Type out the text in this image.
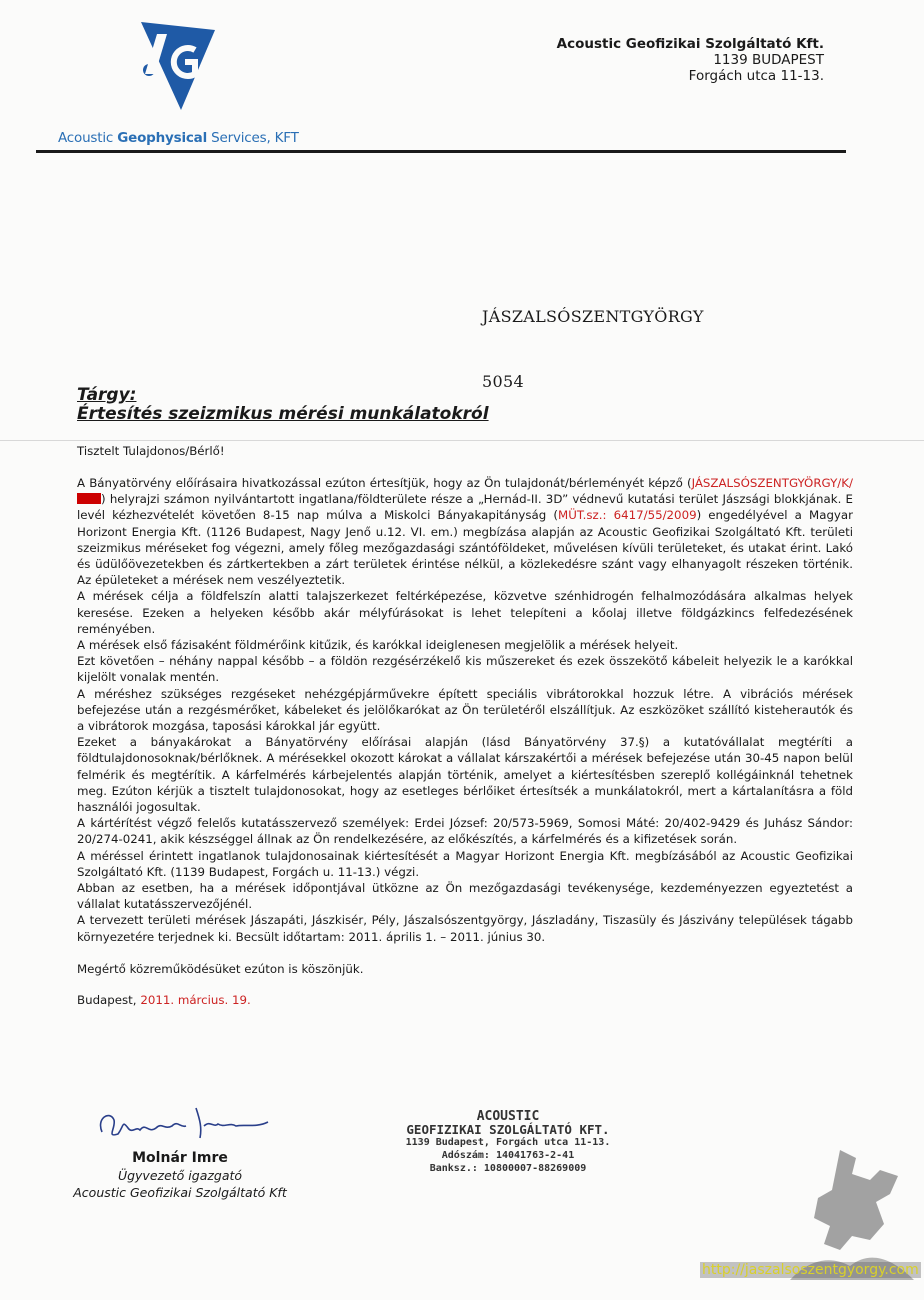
Acoustic Geophysical Services, KFT
Acoustic Geofizikai Szolgáltató Kft.
1139 BUDAPEST
Forgách utca 11-13.
JÁSZALSÓSZENTGYÖRGY
5054
Tárgy:
Értesítés szeizmikus mérési munkálatokról
Tisztelt Tulajdonos/Bérlő!

A Bányatörvény előírásaira hivatkozással ezúton értesítjük, hogy az Ön tulajdonát/bérleményét képző (JÁSZALSÓSZENTGYÖRGY/K/) helyrajzi számon nyilvántartott ingatlana/földterülete része a „Hernád-II. 3D” védnevű kutatási terület Jászsági blokkjának. E levél kézhezvételét követően 8-15 nap múlva a Miskolci Bányakapitányság (MÜT.sz.: 6417/55/2009) engedélyével a Magyar Horizont Energia Kft. (1126 Budapest, Nagy Jenő u.12. VI. em.) megbízása alapján az Acoustic Geofizikai Szolgáltató Kft. területi szeizmikus méréseket fog végezni, amely főleg mezőgazdasági szántóföldeket, művelésen kívüli területeket, és utakat érint. Lakó és üdülőövezetekben és zártkertekben a zárt területek érintése nélkül, a közlekedésre szánt vagy elhanyagolt részeken történik. Az épületeket a mérések nem veszélyeztetik.

A mérések célja a földfelszín alatti talajszerkezet feltérképezése, közvetve szénhidrogén felhalmozódására alkalmas helyek keresése. Ezeken a helyeken később akár mélyfúrásokat is lehet telepíteni a kőolaj illetve földgázkincs felfedezésének reményében.

A mérések első fázisaként földmérőink kitűzik, és karókkal ideiglenesen megjelölik a mérések helyeit.

Ezt követően – néhány nappal később – a földön rezgésérzékelő kis műszereket és ezek összekötő kábeleit helyezik le a karókkal kijelölt vonalak mentén.

A méréshez szükséges rezgéseket nehézgépjárművekre épített speciális vibrátorokkal hozzuk létre. A vibrációs mérések befejezése után a rezgésmérőket, kábeleket és jelölőkarókat az Ön területéről elszállítjuk. Az eszközöket szállító kisteherautók és a vibrátorok mozgása, taposási károkkal jár együtt.

Ezeket a bányakárokat a Bányatörvény előírásai alapján (lásd Bányatörvény 37.§) a kutatóvállalat megtéríti a földtulajdonosoknak/bérlőknek. A mérésekkel okozott károkat a vállalat kárszakértői a mérések befejezése után 30-45 napon belül felmérik és megtérítik. A kárfelmérés kárbejelentés alapján történik, amelyet a kiértesítésben szereplő kollégáinknál tehetnek meg. Ezúton kérjük a tisztelt tulajdonosokat, hogy az esetleges bérlőiket értesítsék a munkálatokról, mert a kártalanításra a föld használói jogosultak.

A kártérítést végző felelős kutatásszervező személyek: Erdei József: 20/573-5969, Somosi Máté: 20/402-9429 és Juhász Sándor: 20/274-0241, akik készséggel állnak az Ön rendelkezésére, az előkészítés, a kárfelmérés és a kifizetések során.

A méréssel érintett ingatlanok tulajdonosainak kiértesítését a Magyar Horizont Energia Kft. megbízásából az Acoustic Geofizikai Szolgáltató Kft. (1139 Budapest, Forgách u. 11-13.) végzi.

Abban az esetben, ha a mérések időpontjával ütközne az Ön mezőgazdasági tevékenysége, kezdeményezzen egyeztetést a vállalat kutatásszervezőjénél.

A tervezett területi mérések Jászapáti, Jászkisér, Pély, Jászalsószentgyörgy, Jászladány, Tiszasüly és Jászivány települések tágabb környezetére terjednek ki. Becsült időtartam: 2011. április 1. – 2011. június 30.

Megértő közreműködésüket ezúton is köszönjük.
Budapest, 2011. március. 19.
Molnár Imre
Ügyvezető igazgató
Acoustic Geofizikai Szolgáltató Kft
ACOUSTIC
GEOFIZIKAI SZOLGÁLTATÓ KFT.
1139 Budapest, Forgách utca 11-13.
Adószám: 14041763-2-41
Banksz.: 10800007-88269009
http://jaszalsoszentgyorgy.com
